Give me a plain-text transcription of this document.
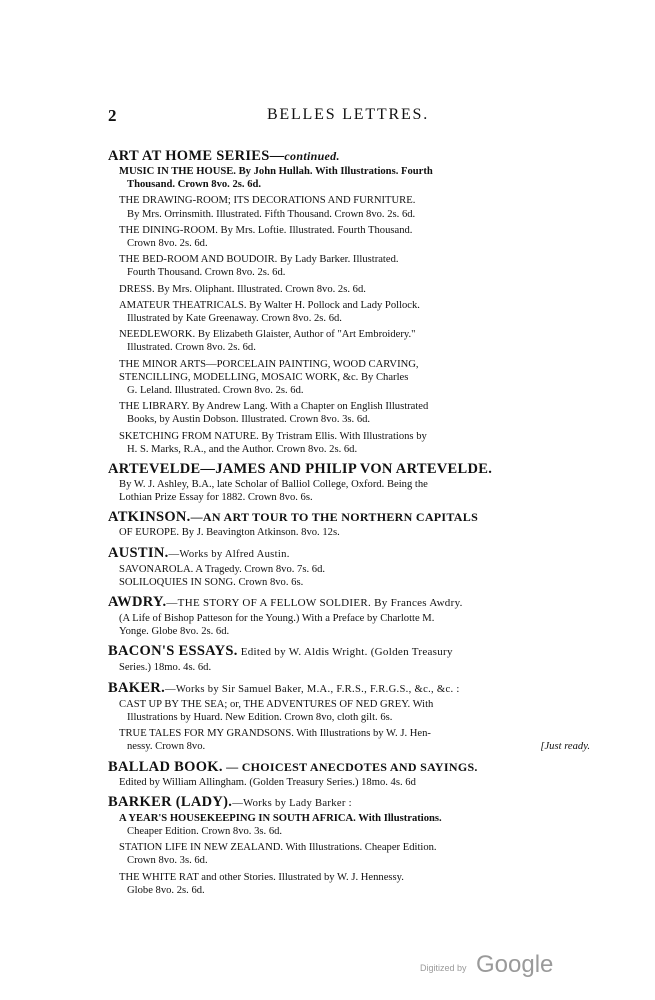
2	BELLES LETTRES.
ART AT HOME SERIES—continued.
MUSIC IN THE HOUSE. By John Hullah. With Illustrations. Fourth
Thousand. Crown 8vo. 2s. 6d.
THE DRAWING-ROOM; ITS DECORATIONS AND FURNITURE.
By Mrs. Orrinsmith. Illustrated. Fifth Thousand. Crown 8vo. 2s. 6d.
THE DINING-ROOM. By Mrs. Loftie. Illustrated. Fourth Thousand.
Crown 8vo. 2s. 6d.
THE BED-ROOM AND BOUDOIR. By Lady Barker. Illustrated.
Fourth Thousand. Crown 8vo. 2s. 6d.
DRESS. By Mrs. Oliphant. Illustrated. Crown 8vo. 2s. 6d.
AMATEUR THEATRICALS. By Walter H. Pollock and Lady Pollock.
Illustrated by Kate Greenaway. Crown 8vo. 2s. 6d.
NEEDLEWORK. By Elizabeth Glaister, Author of "Art Embroidery."
Illustrated. Crown 8vo. 2s. 6d.
THE MINOR ARTS—PORCELAIN PAINTING, WOOD CARVING,
STENCILLING, MODELLING, MOSAIC WORK, &c. By Charles
G. Leland. Illustrated. Crown 8vo. 2s. 6d.
THE LIBRARY. By Andrew Lang. With a Chapter on English Illustrated
Books, by Austin Dobson. Illustrated. Crown 8vo. 3s. 6d.
SKETCHING FROM NATURE. By Tristram Ellis. With Illustrations by
H. S. Marks, R.A., and the Author. Crown 8vo. 2s. 6d.
ARTEVELDE—JAMES AND PHILIP VON ARTEVELDE.
By W. J. Ashley, B.A., late Scholar of Balliol College, Oxford. Being the
Lothian Prize Essay for 1882. Crown 8vo. 6s.
ATKINSON.—AN ART TOUR TO THE NORTHERN CAPITALS
OF EUROPE. By J. Beavington Atkinson. 8vo. 12s.
AUSTIN.—Works by Alfred Austin.
SAVONAROLA. A Tragedy. Crown 8vo. 7s. 6d.
SOLILOQUIES IN SONG. Crown 8vo. 6s.
AWDRY.—THE STORY OF A FELLOW SOLDIER. By Frances Awdry.
(A Life of Bishop Patteson for the Young.) With a Preface by Charlotte M.
Yonge. Globe 8vo. 2s. 6d.
BACON'S ESSAYS. Edited by W. Aldis Wright. (Golden Treasury
Series.) 18mo. 4s. 6d.
BAKER.—Works by Sir Samuel Baker, M.A., F.R.S., F.R.G.S., &c., &c. :
CAST UP BY THE SEA; or, THE ADVENTURES OF NED GREY. With
Illustrations by Huard. New Edition. Crown 8vo, cloth gilt. 6s.
TRUE TALES FOR MY GRANDSONS. With Illustrations by W. J. Hen-
nessy. Crown 8vo.	[Just ready.
BALLAD BOOK. — CHOICEST ANECDOTES AND SAYINGS.
Edited by William Allingham. (Golden Treasury Series.) 18mo. 4s. 6d
BARKER (LADY).—Works by Lady Barker :
A YEAR'S HOUSEKEEPING IN SOUTH AFRICA. With Illustrations.
Cheaper Edition. Crown 8vo. 3s. 6d.
STATION LIFE IN NEW ZEALAND. With Illustrations. Cheaper Edition.
Crown 8vo. 3s. 6d.
THE WHITE RAT and other Stories. Illustrated by W. J. Hennessy.
Globe 8vo. 2s. 6d.
Digitized by Google
